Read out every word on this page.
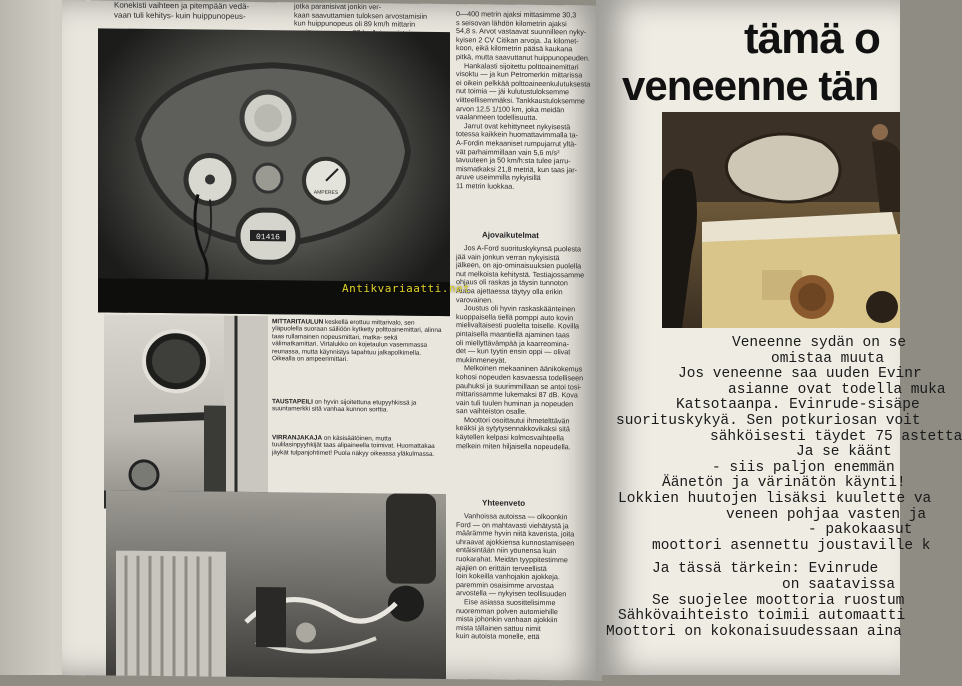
Konekisti vaihteen ja pitempään vedä-

vaan tuli kehitys- kuin huippunopeus-

jotka paranisivat jonkin ver-

kaan saavuttamien tuloksen arvostamisiin

kun huippunopeus oli 89 km/h mittarin

AMPERES
01416
MITTARITAULUN keskellä erottuu mittarivalo, sen yläpuolella suoraan säiliöön kytketty polttoainemittari, alinna taas rullamainen nopeusmittari, matka- sekä välimatkamittari. Virtalukko on kojetaulun vasemmassa reunassa, mutta käynnistys tapahtuu jalkapolkimella. Oikealla on ampeerimittari.
TAUSTAPEILI on hyvin sijoitettuna etupyyhkissä ja suuntamerkki sitä vanhaa kunnon sorttia.
VIRRANJAKAJA on käsisäätöinen, mutta tuulilasinpyyhkijät taas alipaineella toimivat. Huomattakaa jäykät tulpanjohtimet! Puola näkyy oikeassa yläkulmassa.

0—400 metrin ajaksi mittasimme 30,3

s seisovan lähdön kilometrin ajaksi

54,8 s. Arvot vastaavat suunnilleen nyky-

kyisen 2 CV Citikan arvoja. Ja kilomet-

koon, eikä kilometrin pääsä kaukana

pitkä, mutta saavuttanut huippunopeuden.

Hankalasti sijoitettu polttoainemittari

visoktu — ja kun Petromerkin mittarissa

ei oikein pelkkää polttoaineenkulutuksesta

nut toimia — jäi kulutustuloksemme

viitteellisemmäksi. Tankkaustuloksemme

arvon 12,5 1/100 km, joka meidän

vaalanmeen todellisuutta.

Jarrut ovat kehittyneet nykyisestä

totessa kaikkein huomattavimmalla ta-

A-Fordin mekaaniset rumpujarrut yltä-

vät parhaimmillaan vain 5,6 m/s²

tavuuteen ja 50 km/h:sta tulee jarru-

mismatkaksi 21,8 metriä, kun taas jar-

aruve useimmilla nykyisillä

11 metrin luokkaa.

Ajovaikutelmat

Jos A-Ford suorituskykynsä puolesta

jää vain jonkun verran nykyisistä

jälkeen, on ajo-ominaisuuksien puolella

nut melkoista kehitystä. Testiajossamme

ohjaus oli raskas ja täysin tunnoton

Autoa ajettaessa täytyy olla erikin

varovainen.

Joustus oli hyvin raskaskäänteinen

kuoppaisella tiellä pomppi auto kovin

mielivaltaisesti puolelta toiselle. Kovilla

pintaisella maantiellä ajaminen taas

oli miellyttävämpää ja kaarreomina-

det — kun tyytin ensin oppi — olivat

mukiinmeneyät.

Melkoinen mekaaninen äänikokemus

kohosi nopeuden kasvaessa todelliseen

pauhuksi ja suurimmillaan se antoi tosi-

mittarissamme lukemaksi 87 dB. Kova

vain tuli tuulen huminan ja nopeuden

san vaihteiston osalle.

Moottori osoittautui ihmetelttävän

keäksi ja sytytysennakkovikaksi sitä

käytellen kelpasi kolmosvaihteella

melkein miten hiljaisella nopeudella.

Yhteenveto

Vanhoissa autoissa — olkoonkin

Ford — on mahtavasti viehätystä ja

määrämme hyvin niitä kaverista, joita

uhraavat ajokkiensa kunnostamiseen

entäisintään niin yöunensa kuin

ruokarahat. Meidän tyyppitestimme

ajajien on erittäin terveellistä

loin kokeilla vanhojakin ajokkeja.

paremmin osaisimme arvostaa

arvostella — nykyisen teollisuuden

Eise asiassa suosittelisimme

nuoremman polven automiehille

mista johonkin vanhaan ajokkiin

mista tällainen sattuu nimit

kuin autoista monelle, että

tämä o
veneenne tän
Veneenne sydän on se
omistaa muuta
Jos veneenne saa uuden Evinr
asianne ovat todella muka
Katsotaanpa. Evinrude-sisäpe
suorituskykyä. Sen potkuriosan voit
sähköisesti täydet 75 astetta
Ja se käänt
- siis paljon enemmän
Äänetön ja värinätön käynti!
Lokkien huutojen lisäksi kuulette va
veneen pohjaa vasten ja
- pakokaasut
moottori asennettu joustaville k
Ja tässä tärkein: Evinrude
on saatavissa
Se suojelee moottoria ruostum
Sähkövaihteisto toimii automaatti
Moottori on kokonaisuudessaan aina
Antikvariaatti.net
